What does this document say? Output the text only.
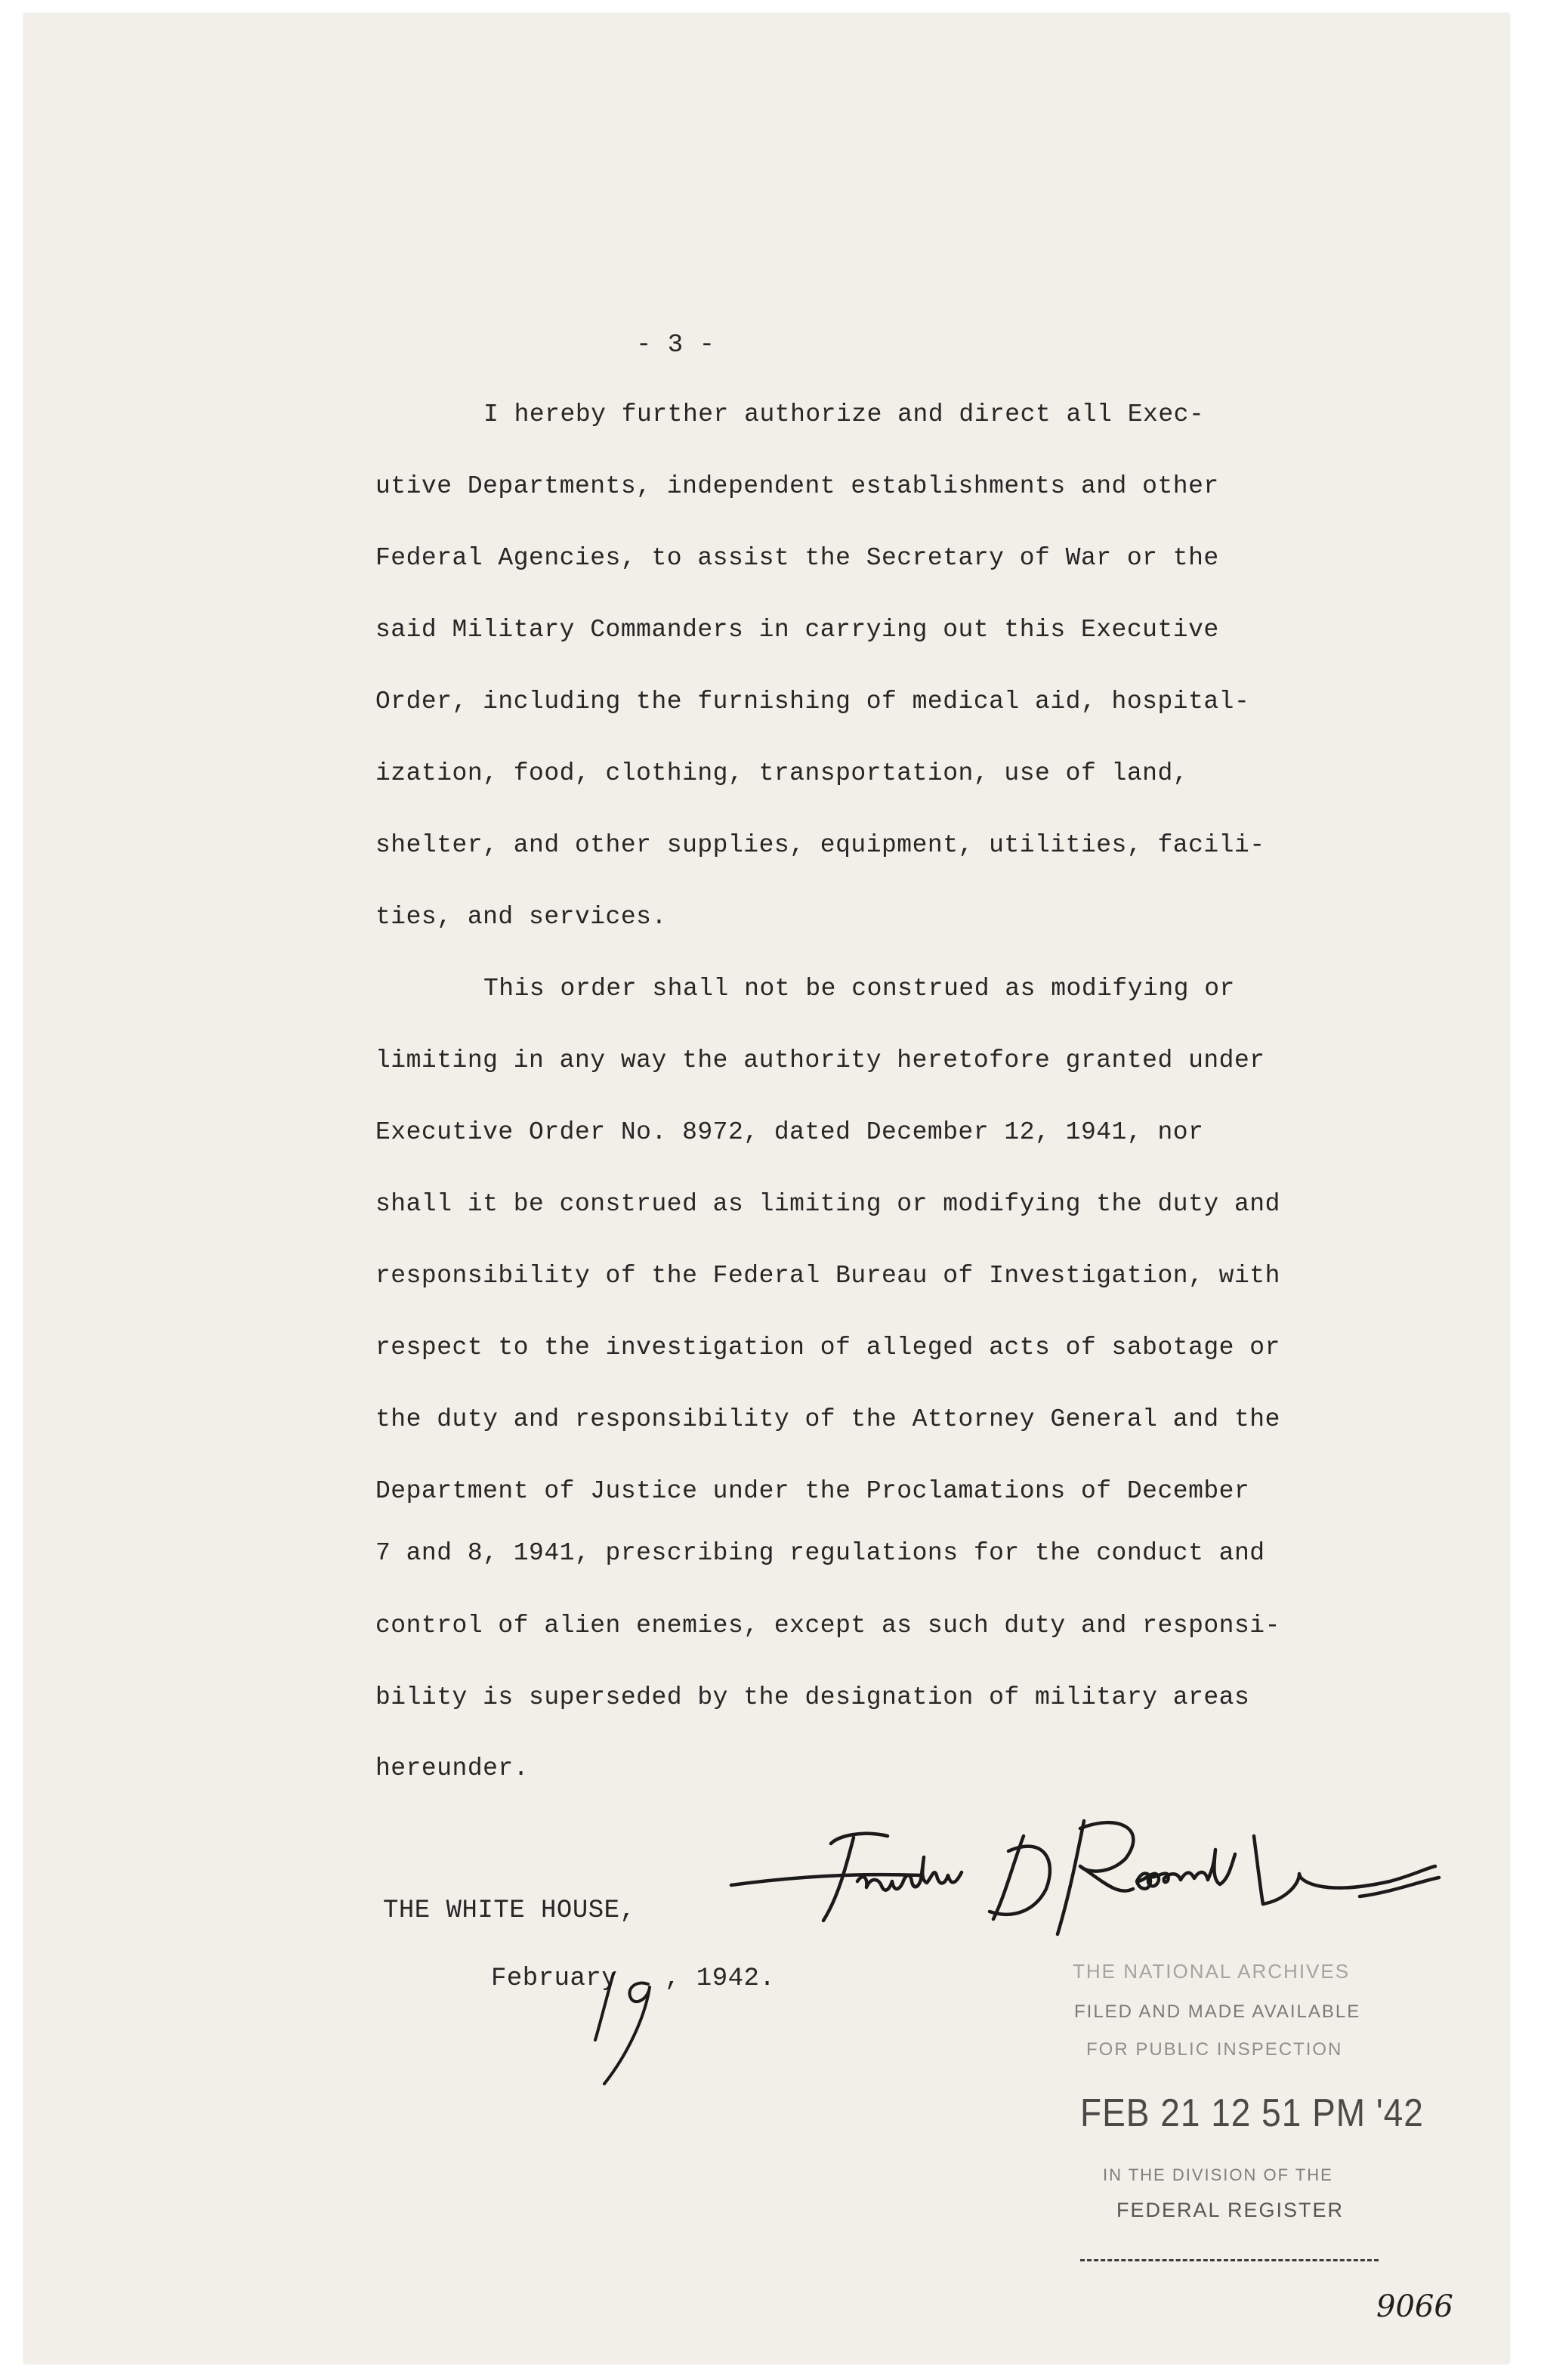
- 3 -
I hereby further authorize and direct all Exec-
utive Departments, independent establishments and other
Federal Agencies, to assist the Secretary of War or the
said Military Commanders in carrying out this Executive
Order, including the furnishing of medical aid, hospital-
ization, food, clothing, transportation, use of land,
shelter, and other supplies, equipment, utilities, facili-
ties, and services.
This order shall not be construed as modifying or
limiting in any way the authority heretofore granted under
Executive Order No. 8972, dated December 12, 1941, nor
shall it be construed as limiting or modifying the duty and
responsibility of the Federal Bureau of Investigation, with
respect to the investigation of alleged acts of sabotage or
the duty and responsibility of the Attorney General and the
Department of Justice under the Proclamations of December
7 and 8, 1941, prescribing regulations for the conduct and
control of alien enemies, except as such duty and responsi-
bility is superseded by the designation of military areas
hereunder.
THE WHITE HOUSE,
February , 1942.	THE NATIONAL ARCHIVES
FILED AND MADE AVAILABLE
FOR PUBLIC INSPECTION
FEB 21 12 51 PM '42
IN THE DIVISION OF THE
FEDERAL REGISTER
9066
